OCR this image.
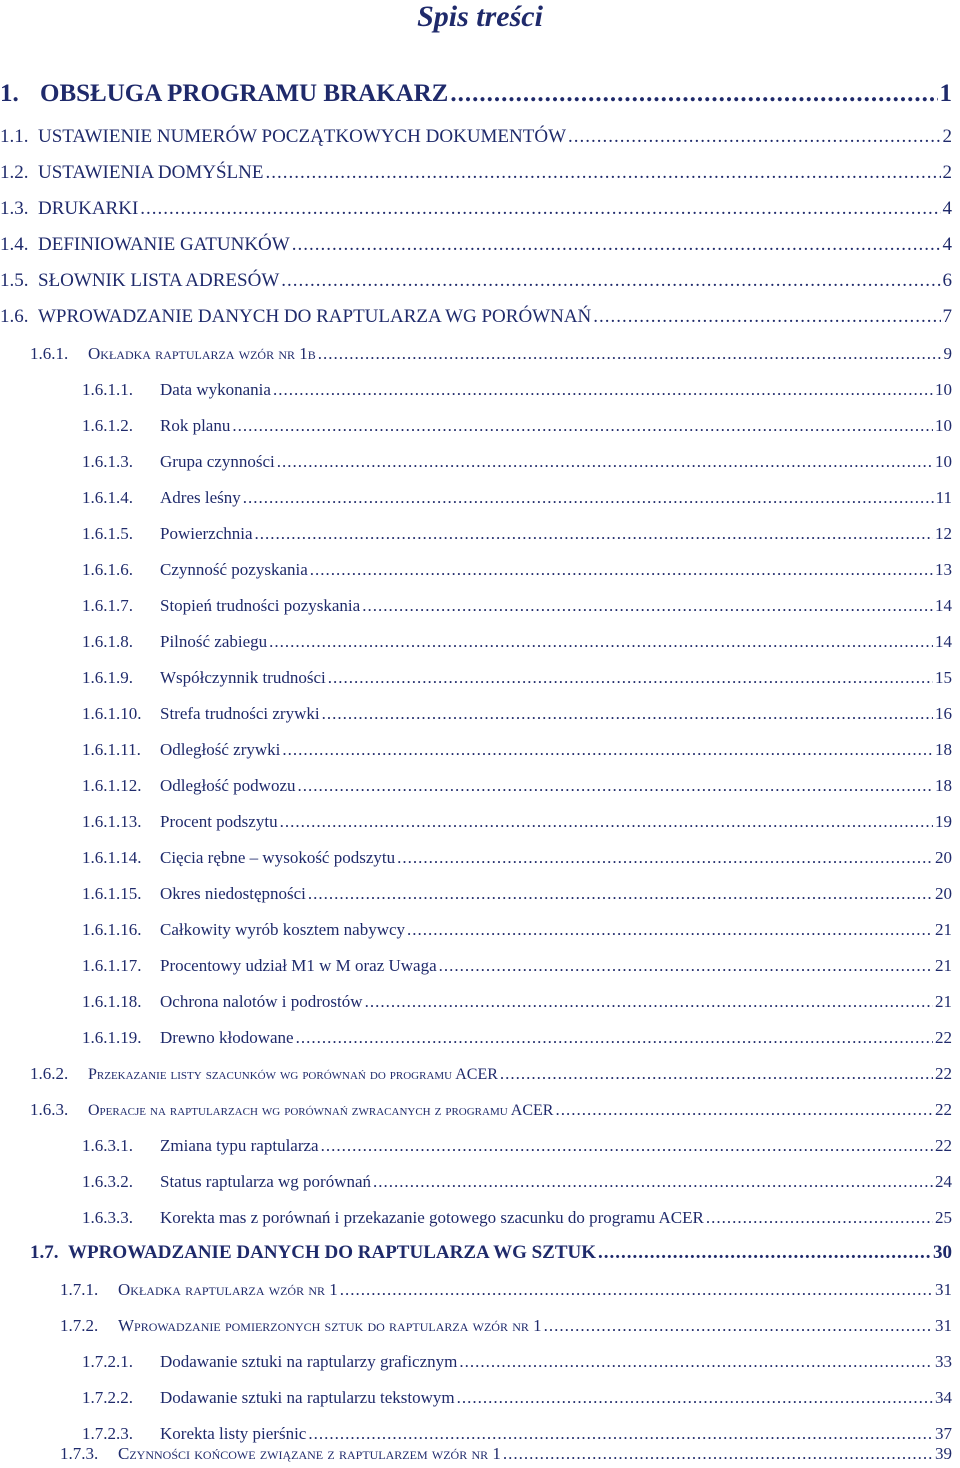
Spis treści
1. OBSŁUGA PROGRAMU BRAKARZ .....	1
1.1. USTAWIENIE NUMERÓW POCZĄTKOWYCH DOKUMENTÓW .....	2
1.2. USTAWIENIA DOMYŚLNE .....	2
1.3. DRUKARKI .....	4
1.4. DEFINIOWANIE GATUNKÓW .....	4
1.5. SŁOWNIK LISTA ADRESÓW .....	6
1.6. WPROWADZANIE DANYCH DO RAPTULARZA WG PORÓWNAŃ .....	7
1.6.1.	Okładka raptularza wzór nr 1b .....	9
1.6.1.1.	Data wykonania .....	10
1.6.1.2.	Rok planu .....	10
1.6.1.3.	Grupa czynności .....	10
1.6.1.4.	Adres leśny .....	11
1.6.1.5.	Powierzchnia .....	12
1.6.1.6.	Czynność pozyskania .....	13
1.6.1.7.	Stopień trudności pozyskania .....	14
1.6.1.8.	Pilność zabiegu .....	14
1.6.1.9.	Współczynnik trudności .....	15
1.6.1.10.	Strefa trudności zrywki .....	16
1.6.1.11.	Odległość zrywki .....	18
1.6.1.12.	Odległość podwozu .....	18
1.6.1.13.	Procent podszytu .....	19
1.6.1.14.	Cięcia rębne – wysokość podszytu .....	20
1.6.1.15.	Okres niedostępności .....	20
1.6.1.16.	Całkowity wyrób kosztem nabywcy .....	21
1.6.1.17.	Procentowy udział M1 w M oraz Uwaga .....	21
1.6.1.18.	Ochrona nalotów i podrostów .....	21
1.6.1.19.	Drewno kłodowane .....	22
1.6.2.	Przekazanie listy szacunków wg porównań do programu ACER .....	22
1.6.3.	Operacje na raptularzach wg porównań zwracanych z programu ACER .....	22
1.6.3.1.	Zmiana typu raptularza .....	22
1.6.3.2.	Status raptularza wg porównań .....	24
1.6.3.3.	Korekta mas z porównań i przekazanie gotowego szacunku do programu ACER .....	25
1.7. WPROWADZANIE DANYCH DO RAPTULARZA WG SZTUK .....	30
1.7.1.	Okładka raptularza wzór nr 1 .....	31
1.7.2.	Wprowadzanie pomierzonych sztuk do raptularza wzór nr 1 .....	31
1.7.2.1.	Dodawanie sztuki na raptularzy graficznym .....	33
1.7.2.2.	Dodawanie sztuki na raptularzu tekstowym .....	34
1.7.2.3.	Korekta listy pierśnic .....	37
1.7.3.	Czynności końcowe związane z raptularzem wzór nr 1 .....	39
